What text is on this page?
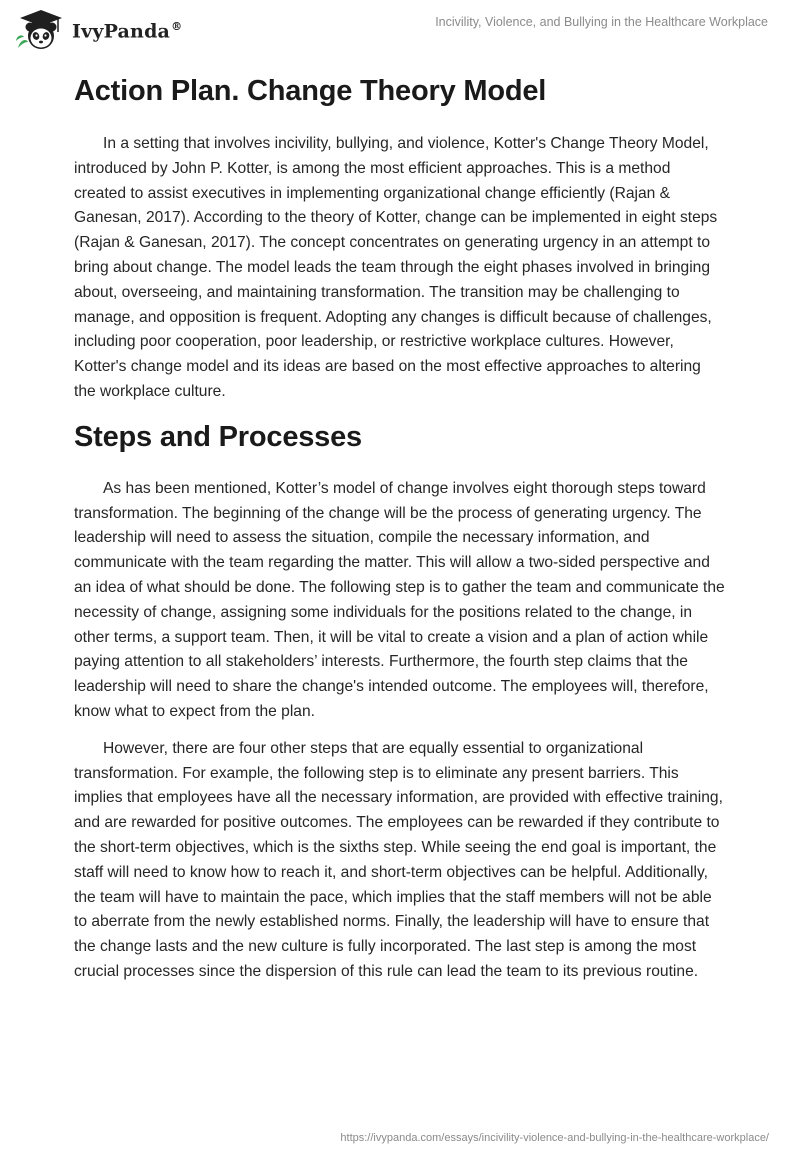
IvyPanda®	Incivility, Violence, and Bullying in the Healthcare Workplace
Action Plan. Change Theory Model

In a setting that involves incivility, bullying, and violence, Kotter's Change Theory Model, introduced by John P. Kotter, is among the most efficient approaches. This is a method created to assist executives in implementing organizational change efficiently (Rajan & Ganesan, 2017). According to the theory of Kotter, change can be implemented in eight steps (Rajan & Ganesan, 2017). The concept concentrates on generating urgency in an attempt to bring about change. The model leads the team through the eight phases involved in bringing about, overseeing, and maintaining transformation. The transition may be challenging to manage, and opposition is frequent. Adopting any changes is difficult because of challenges, including poor cooperation, poor leadership, or restrictive workplace cultures. However, Kotter's change model and its ideas are based on the most effective approaches to altering the workplace culture.

Steps and Processes

As has been mentioned, Kotter’s model of change involves eight thorough steps toward transformation. The beginning of the change will be the process of generating urgency. The leadership will need to assess the situation, compile the necessary information, and communicate with the team regarding the matter. This will allow a two-sided perspective and an idea of what should be done. The following step is to gather the team and communicate the necessity of change, assigning some individuals for the positions related to the change, in other terms, a support team. Then, it will be vital to create a vision and a plan of action while paying attention to all stakeholders’ interests. Furthermore, the fourth step claims that the leadership will need to share the change's intended outcome. The employees will, therefore, know what to expect from the plan.

However, there are four other steps that are equally essential to organizational transformation. For example, the following step is to eliminate any present barriers. This implies that employees have all the necessary information, are provided with effective training, and are rewarded for positive outcomes. The employees can be rewarded if they contribute to the short-term objectives, which is the sixths step. While seeing the end goal is important, the staff will need to know how to reach it, and short-term objectives can be helpful. Additionally, the team will have to maintain the pace, which implies that the staff members will not be able to aberrate from the newly established norms. Finally, the leadership will have to ensure that the change lasts and the new culture is fully incorporated. The last step is among the most crucial processes since the dispersion of this rule can lead the team to its previous routine.

https://ivypanda.com/essays/incivility-violence-and-bullying-in-the-healthcare-workplace/
